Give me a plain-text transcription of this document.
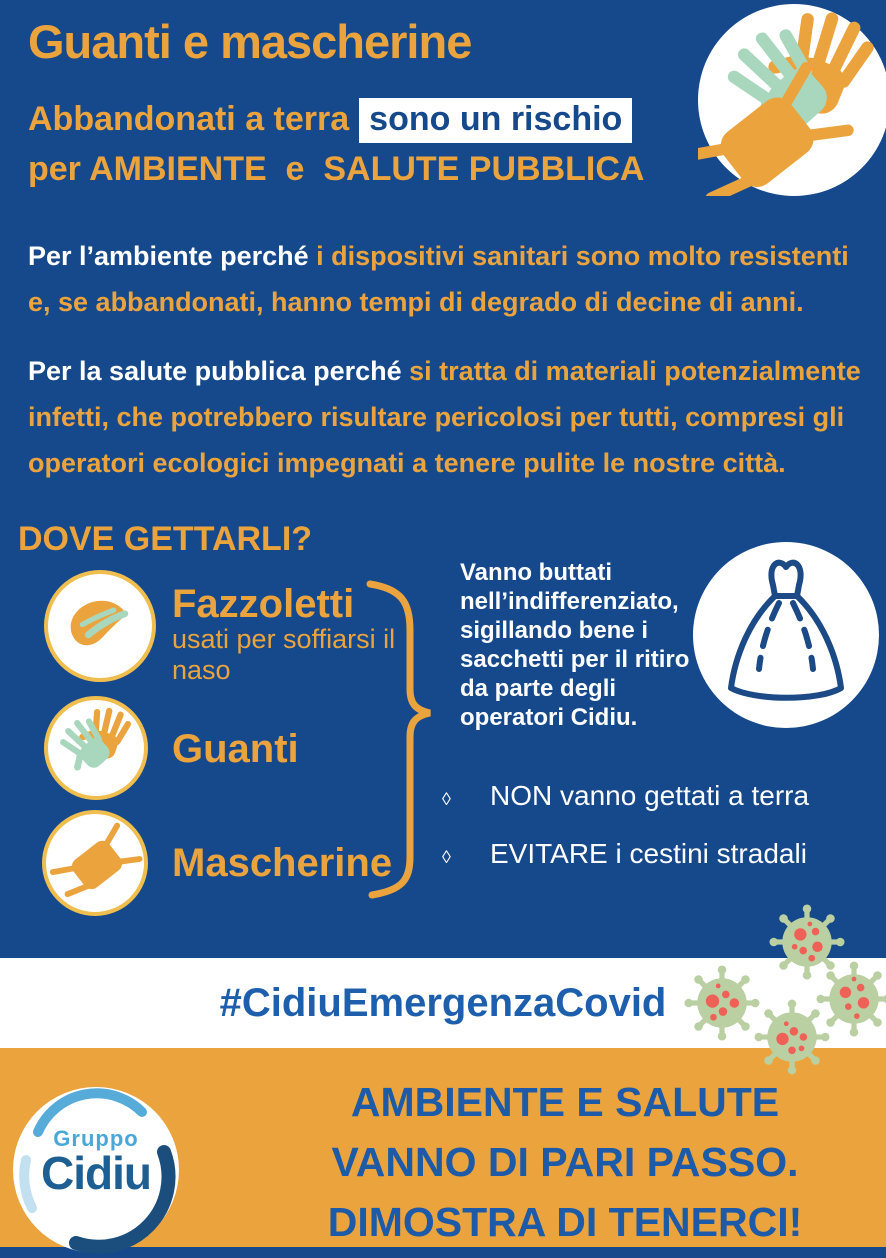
Guanti e mascherine
Abbandonati a terra sono un rischio
per AMBIENTE  e  SALUTE PUBBLICA
Per l’ambiente perché i dispositivi sanitari sono molto resistenti e, se abbandonati, hanno tempi di degrado di decine di anni.
Per la salute pubblica perché si tratta di materiali potenzialmente infetti, che potrebbero risultare pericolosi per tutti, compresi gli operatori ecologici impegnati a tenere pulite le nostre città.
DOVE GETTARLI?
Fazzoletti
usati per soffiarsi il naso
Guanti
Mascherine
Vanno buttati nell’indifferenziato, sigillando bene i sacchetti per il ritiro da parte degli operatori Cidiu.
◊	NON vanno gettati a terra
◊	EVITARE i cestini stradali
#CidiuEmergenzaCovid
AMBIENTE E SALUTE
VANNO DI PARI PASSO.
DIMOSTRA DI TENERCI!
Gruppo
Cidiu
